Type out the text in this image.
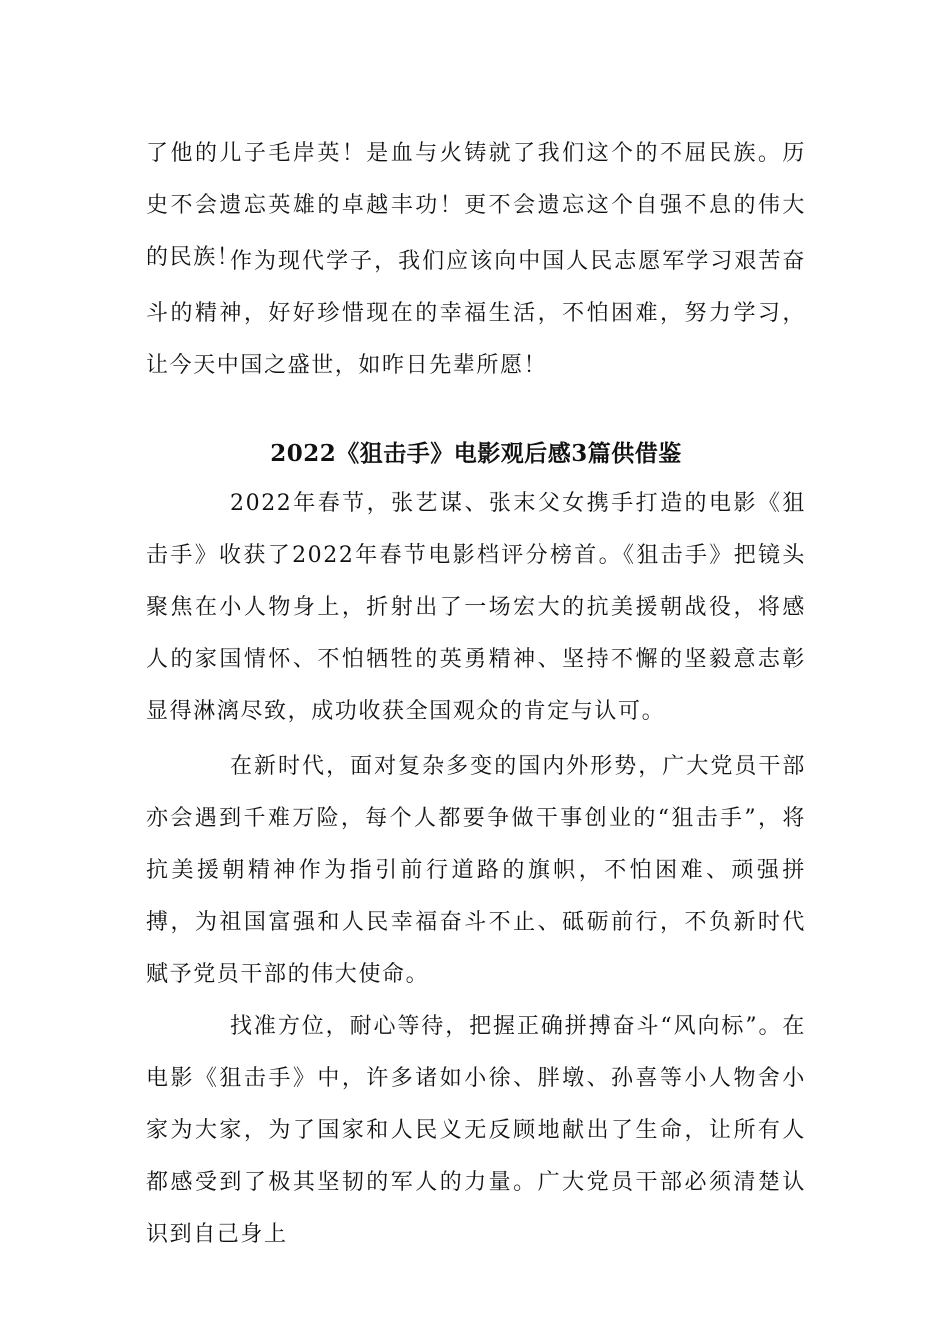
了他的儿子毛岸英！是血与火铸就了我们这个的不屈民族。历史不会遗忘英雄的卓越丰功！更不会遗忘这个自强不息的伟大的民族！

作为现代学子，我们应该向中国人民志愿军学习艰苦奋斗的精神，好好珍惜现在的幸福生活，不怕困难，努力学习，让今天中国之盛世，如昨日先辈所愿！

2022《狙击手》电影观后感3篇供借鉴

2022年春节，张艺谋、张末父女携手打造的电影《狙击手》收获了2022年春节电影档评分榜首。《狙击手》把镜头聚焦在小人物身上，折射出了一场宏大的抗美援朝战役，将感人的家国情怀、不怕牺牲的英勇精神、坚持不懈的坚毅意志彰显得淋漓尽致，成功收获全国观众的肯定与认可。

在新时代，面对复杂多变的国内外形势，广大党员干部亦会遇到千难万险，每个人都要争做干事创业的“狙击手”，将抗美援朝精神作为指引前行道路的旗帜，不怕困难、顽强拼搏，为祖国富强和人民幸福奋斗不止、砥砺前行，不负新时代赋予党员干部的伟大使命。

找准方位，耐心等待，把握正确拼搏奋斗“风向标”。在电影《狙击手》中，许多诸如小徐、胖墩、孙喜等小人物舍小家为大家，为了国家和人民义无反顾地献出了生命，让所有人都感受到了极其坚韧的军人的力量。广大党员干部必须清楚认识到自己身上
